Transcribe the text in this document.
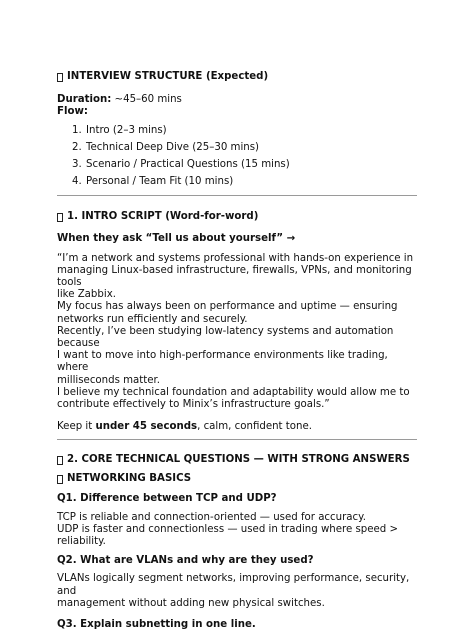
INTERVIEW STRUCTURE (Expected)

Duration: ~45–60 mins

Flow:

1. Intro (2–3 mins)
2. Technical Deep Dive (25–30 mins)
3. Scenario / Practical Questions (15 mins)
4. Personal / Team Fit (10 mins)
1. INTRO SCRIPT (Word-for-word)

When they ask “Tell us about yourself” →

“I’m a network and systems professional with hands-on experience in

managing Linux-based infrastructure, firewalls, VPNs, and monitoring tools

like Zabbix.

My focus has always been on performance and uptime — ensuring

networks run efficiently and securely.

Recently, I’ve been studying low-latency systems and automation because

I want to move into high-performance environments like trading, where

milliseconds matter.

I believe my technical foundation and adaptability would allow me to

contribute effectively to Minix’s infrastructure goals.”

Keep it under 45 seconds, calm, confident tone.

2. CORE TECHNICAL QUESTIONS — WITH STRONG ANSWERS
NETWORKING BASICS

Q1. Difference between TCP and UDP?

TCP is reliable and connection-oriented — used for accuracy.

UDP is faster and connectionless — used in trading where speed >

reliability.

Q2. What are VLANs and why are they used?

VLANs logically segment networks, improving performance, security, and

management without adding new physical switches.

Q3. Explain subnetting in one line.
